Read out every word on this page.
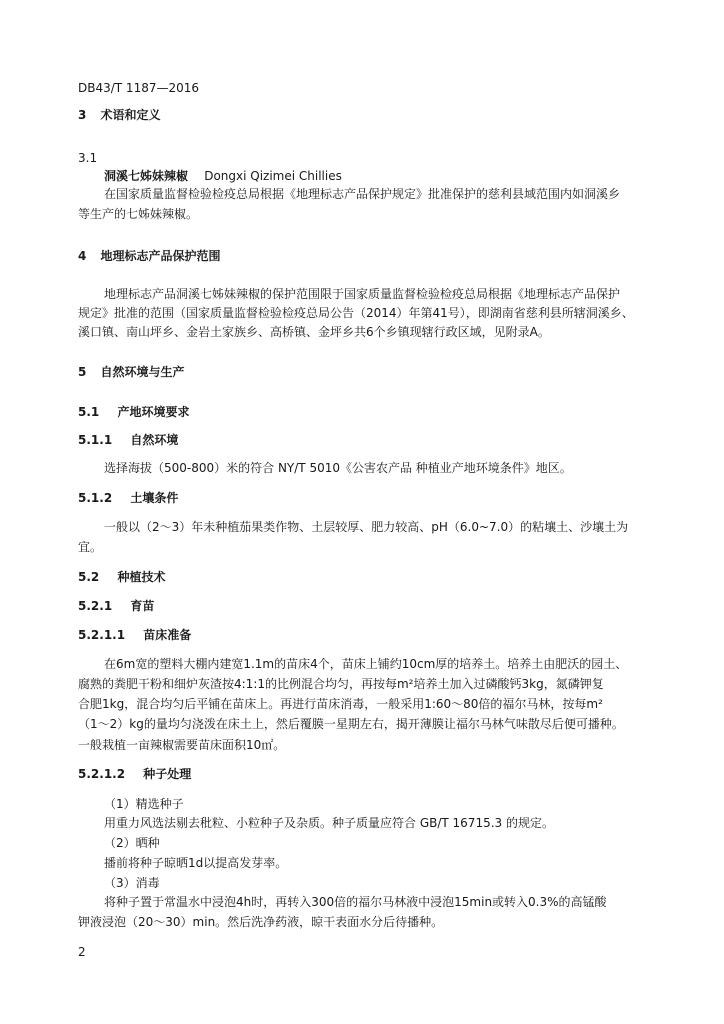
DB43/T 1187—2016
3 术语和定义
3.1
洞溪七姊妹辣椒 Dongxi Qizimei Chillies
在国家质量监督检验检疫总局根据《地理标志产品保护规定》批准保护的慈利县域范围内如洞溪乡
等生产的七姊妹辣椒。
4 地理标志产品保护范围
地理标志产品洞溪七姊妹辣椒的保护范围限于国家质量监督检验检疫总局根据《地理标志产品保护
规定》批准的范围（国家质量监督检验检疫总局公告（2014）年第41号），即湖南省慈利县所辖洞溪乡、
溪口镇、南山坪乡、金岩土家族乡、高桥镇、金坪乡共6个乡镇现辖行政区域，见附录A。
5 自然环境与生产
5.1 产地环境要求
5.1.1 自然环境
选择海拔（500-800）米的符合 NY/T 5010《公害农产品 种植业产地环境条件》地区。
5.1.2 土壤条件
一般以（2～3）年未种植茄果类作物、土层较厚、肥力较高、pH（6.0~7.0）的粘壤土、沙壤土为
宜。
5.2 种植技术
5.2.1 育苗
5.2.1.1 苗床准备
在6m宽的塑料大棚内建宽1.1m的苗床4个，苗床上铺约10cm厚的培养土。培养土由肥沃的园土、
腐熟的粪肥干粉和细炉灰渣按4:1:1的比例混合均匀，再按每m²培养土加入过磷酸钙3kg，氮磷钾复
合肥1kg，混合均匀后平铺在苗床上。再进行苗床消毒，一般采用1:60～80倍的福尔马林，按每m²
（1～2）kg的量均匀浇泼在床土上，然后覆膜一星期左右，揭开薄膜让福尔马林气味散尽后便可播种。
一般栽植一亩辣椒需要苗床面积10㎡。
5.2.1.2 种子处理
（1）精选种子
用重力风选法剔去秕粒、小粒种子及杂质。种子质量应符合 GB/T 16715.3 的规定。
（2）晒种
播前将种子晾晒1d以提高发芽率。
（3）消毒
将种子置于常温水中浸泡4h时，再转入300倍的福尔马林液中浸泡15min或转入0.3%的高锰酸
钾液浸泡（20～30）min。然后洗净药液，晾干表面水分后待播种。
2
